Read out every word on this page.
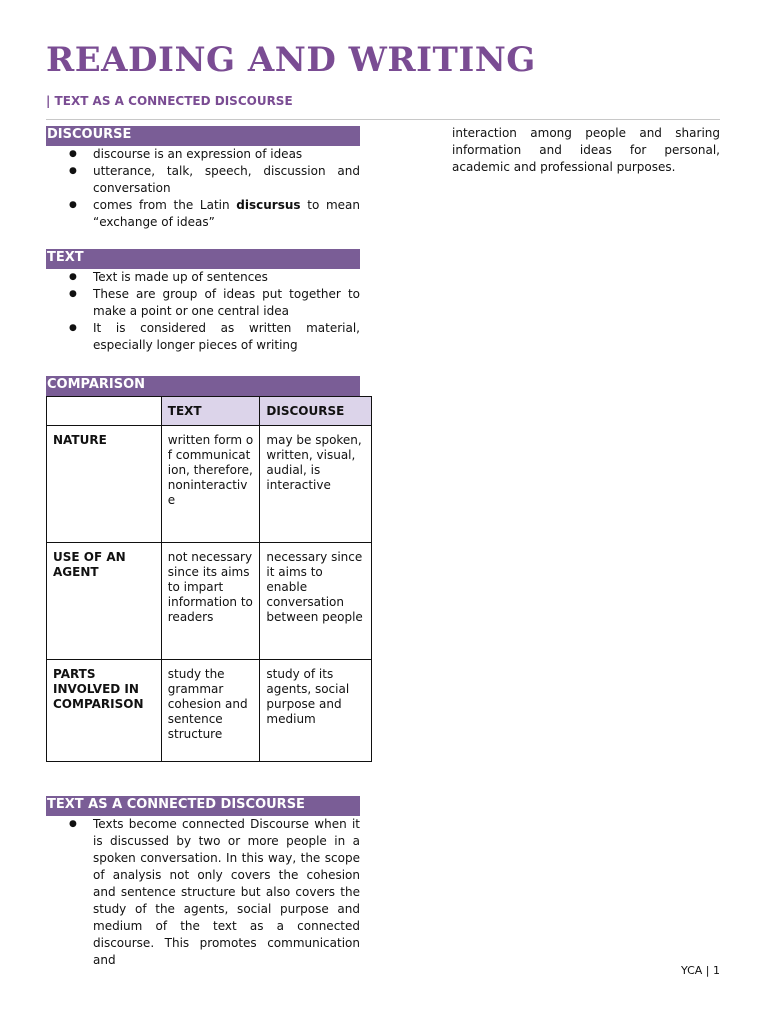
READING AND WRITING
| TEXT AS A CONNECTED DISCOURSE
DISCOURSE
● discourse is an expression of ideas
● utterance, talk, speech, discussion and conversation
● comes from the Latin discursus to mean “exchange of ideas”
TEXT
● Text is made up of sentences
● These are group of ideas put together to make a point or one central idea
● It is considered as written material, especially longer pieces of writing
COMPARISON
	TEXT	DISCOURSE
NATURE	written form of communication, therefore, noninteractive	may be spoken, written, visual, audial, is interactive
USE OF AN AGENT	not necessary since its aims to impart information to readers	necessary since it aims to enable conversation between people
PARTS INVOLVED IN COMPARISON	study the grammar cohesion and sentence structure	study of its agents, social purpose and medium
TEXT AS A CONNECTED DISCOURSE
● Texts become connected Discourse when it is discussed by two or more people in a spoken conversation. In this way, the scope of analysis not only covers the cohesion and sentence structure but also covers the study of the agents, social purpose and medium of the text as a connected discourse. This promotes communication and

interaction among people and sharing information and ideas for personal, academic and professional purposes.

YCA | 1
